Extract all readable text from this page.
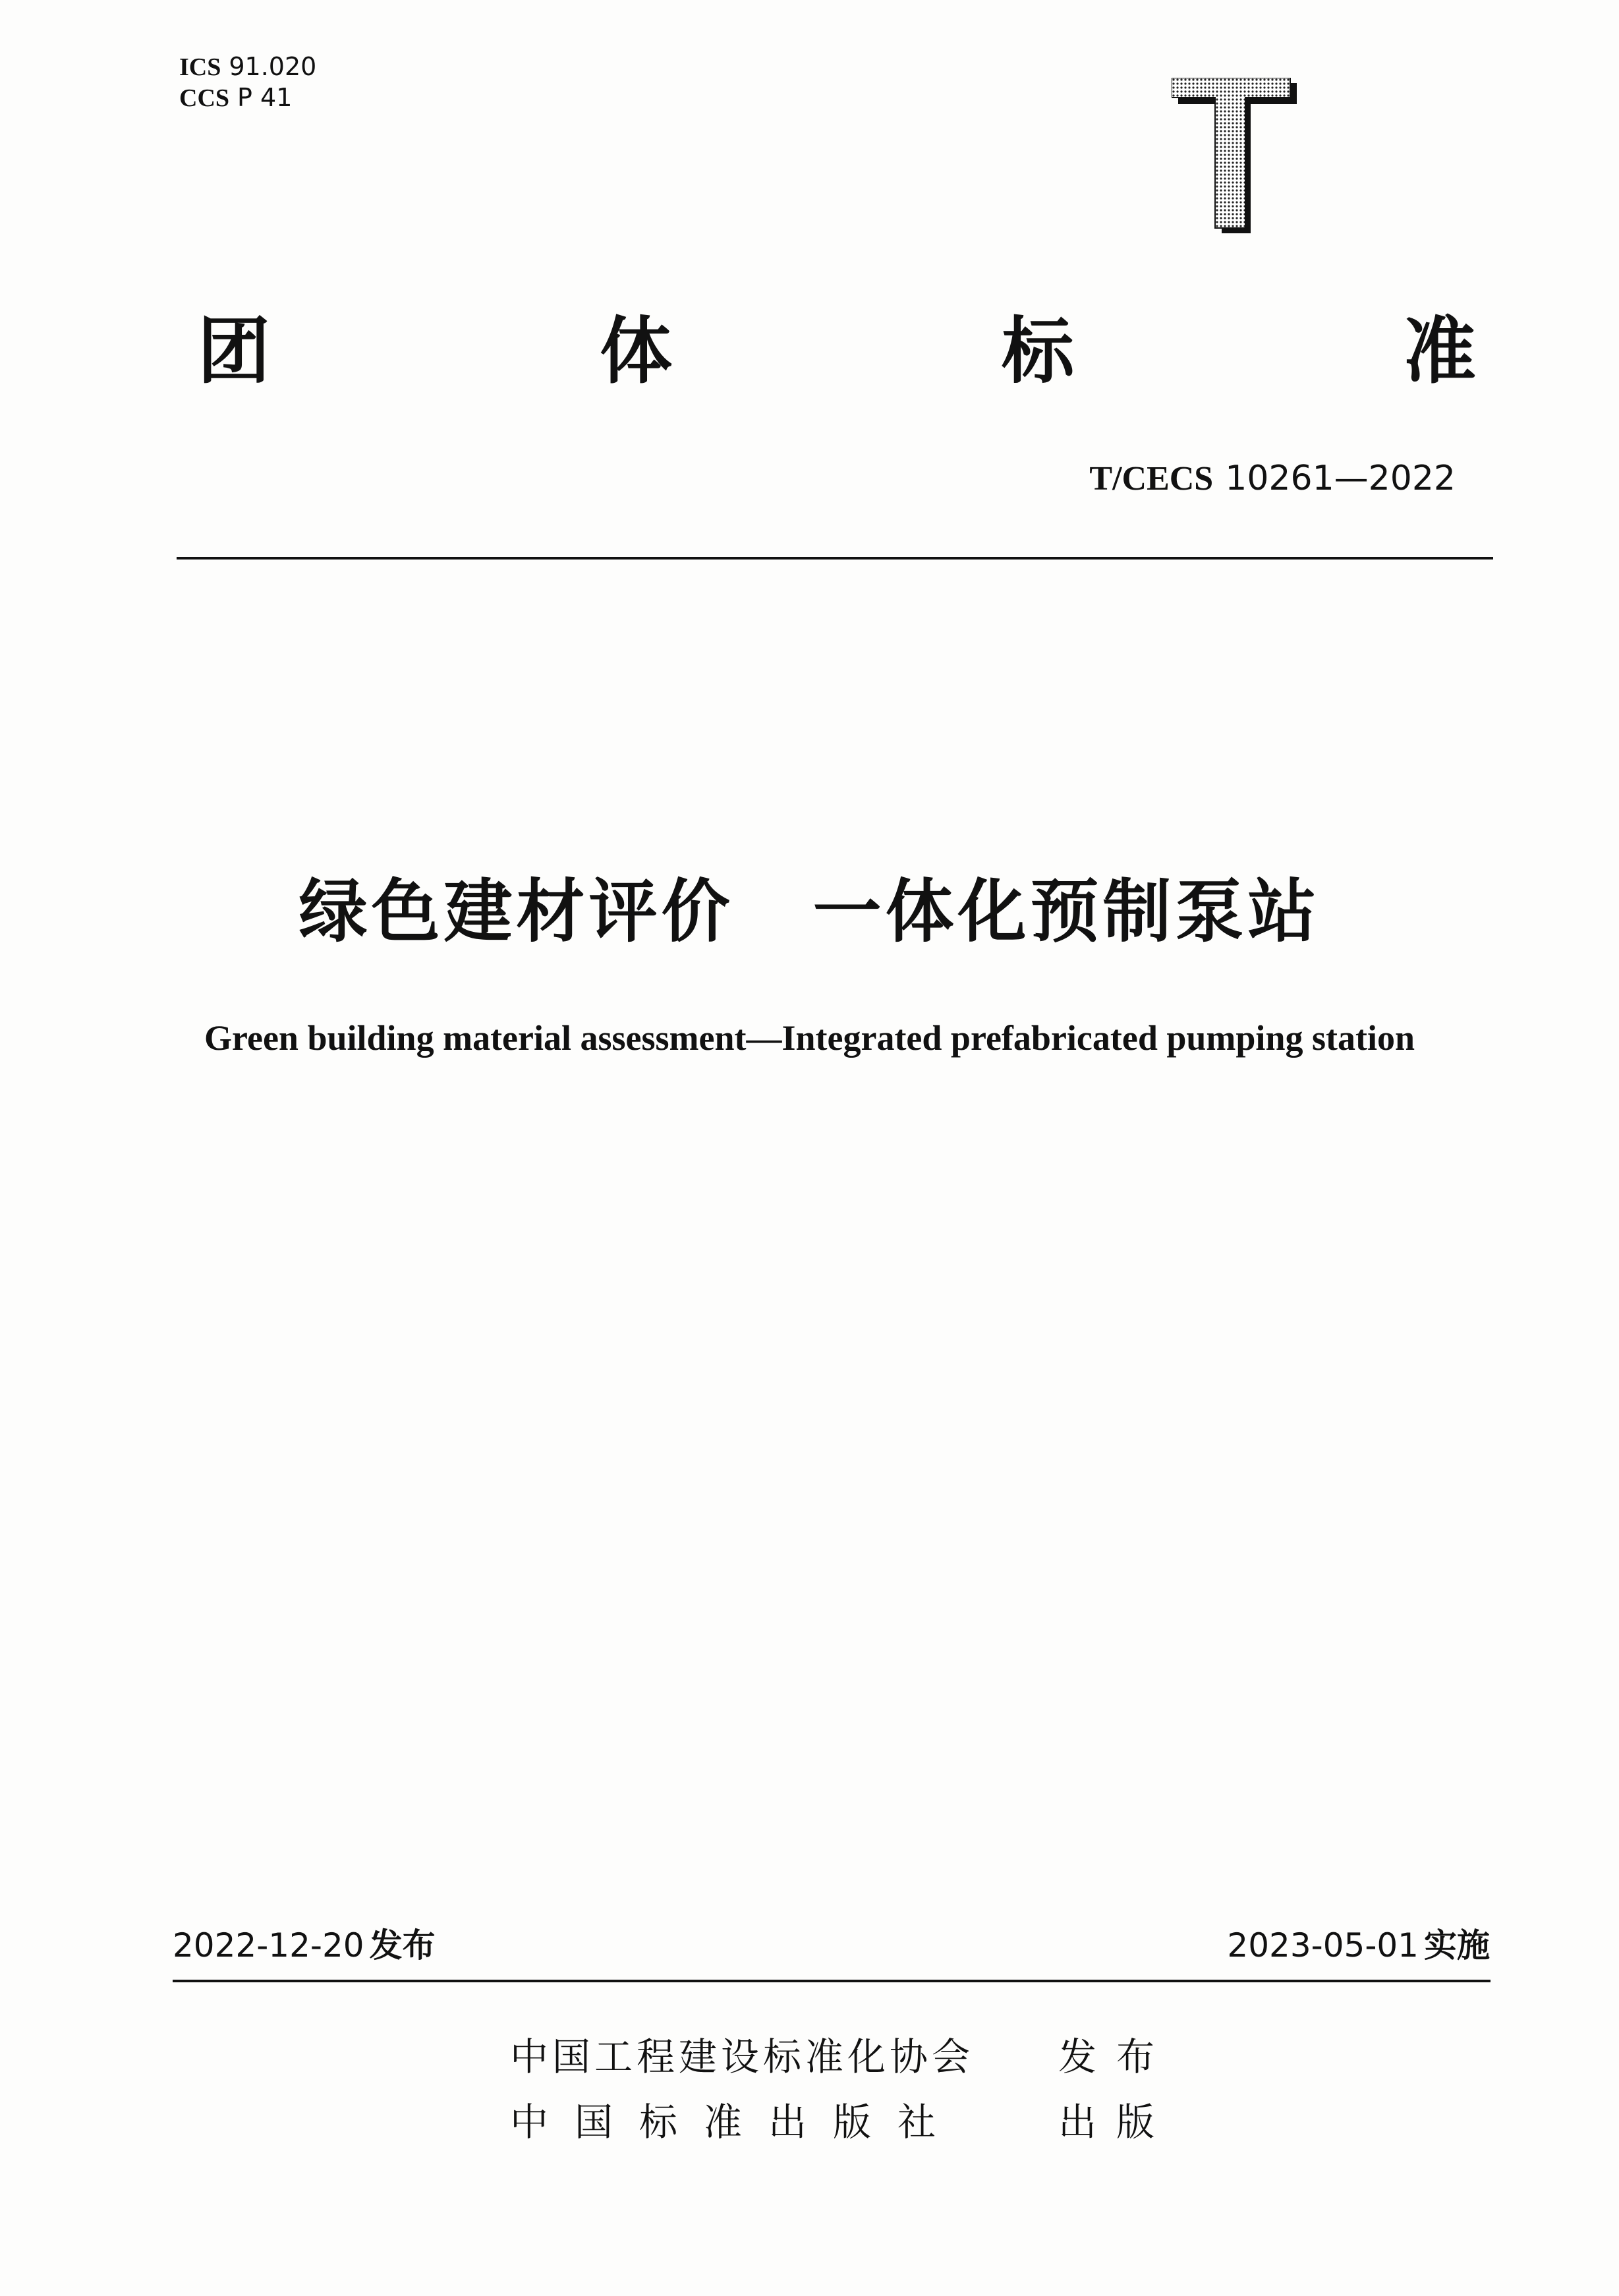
ICS 91.020
CCS P 41
团	体	标	准
T/CECS 10261—2022
绿色建材评价 一体化预制泵站
Green building material assessment—Integrated prefabricated pumping station
2022-12-20 发布	2023-05-01 实施
中国工程建设标准化协会 发布
中国标准出版社	出版
